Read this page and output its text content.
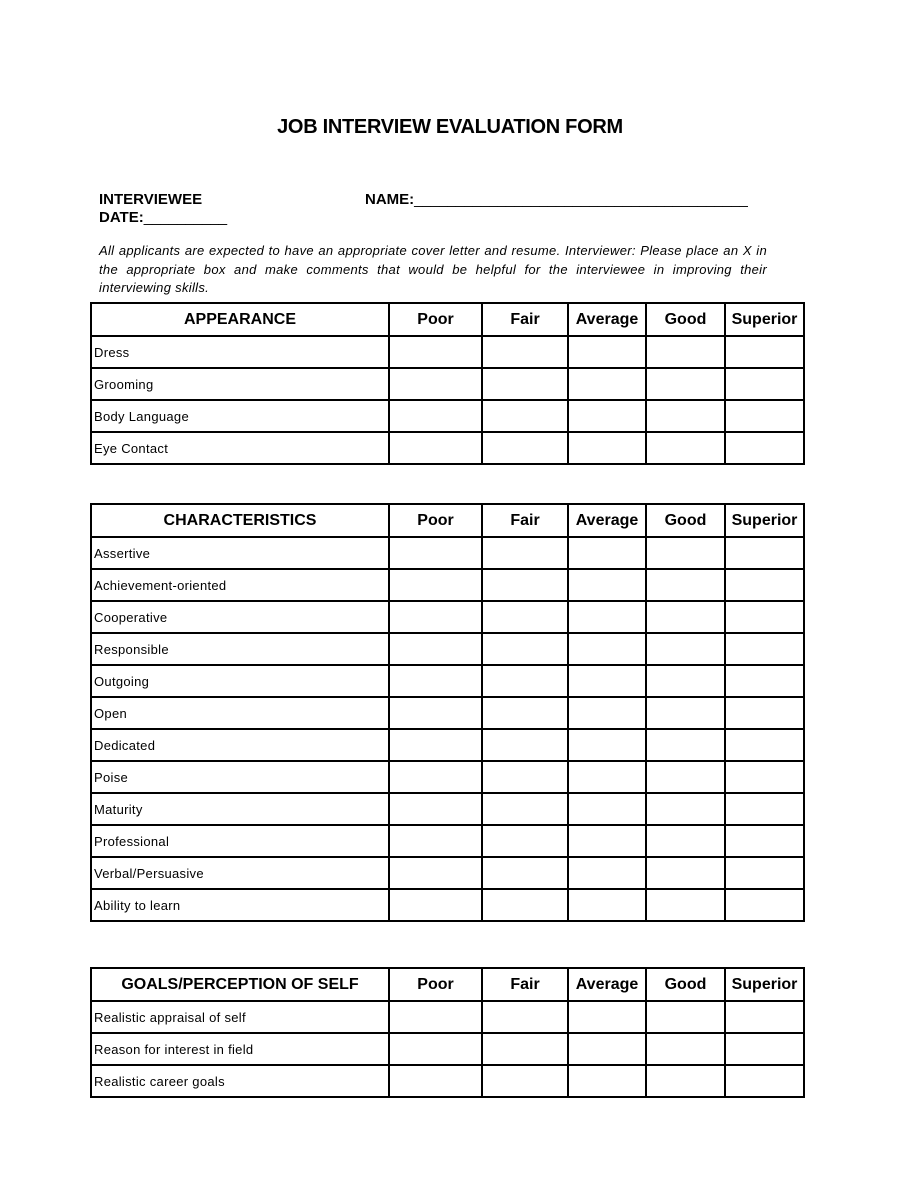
JOB INTERVIEW EVALUATION FORM
INTERVIEWEE	NAME:________________________________________
DATE:__________
All applicants are expected to have an appropriate cover letter and resume. Interviewer: Please place an X in the appropriate box and make comments that would be helpful for the interviewee in improving their interviewing skills.
APPEARANCE	Poor	Fair	Average	Good	Superior
Dress					
Grooming					
Body Language					
Eye Contact					
CHARACTERISTICS	Poor	Fair	Average	Good	Superior
Assertive					
Achievement-oriented					
Cooperative					
Responsible					
Outgoing					
Open					
Dedicated					
Poise					
Maturity					
Professional					
Verbal/Persuasive					
Ability to learn					
GOALS/PERCEPTION OF SELF	Poor	Fair	Average	Good	Superior
Realistic appraisal of self					
Reason for interest in field					
Realistic career goals					
